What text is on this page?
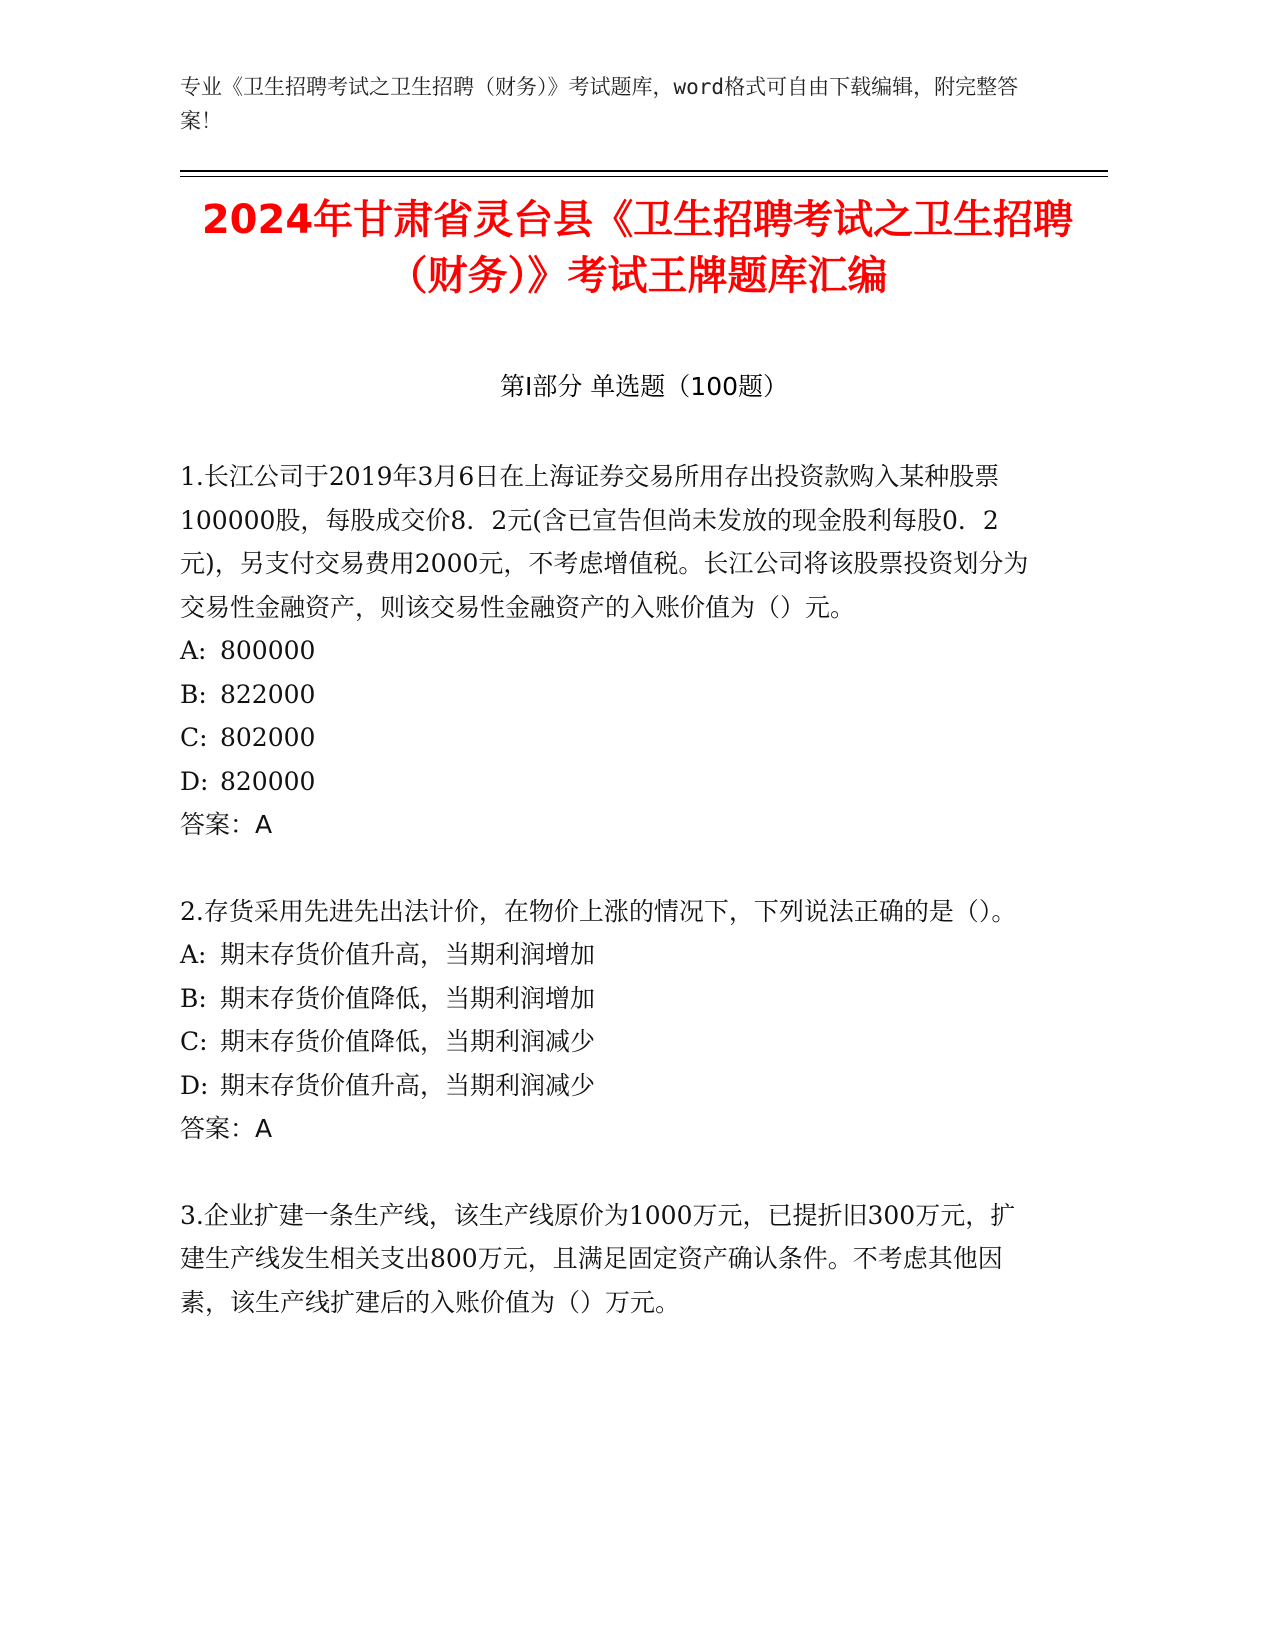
专业《卫生招聘考试之卫生招聘（财务）》考试题库，word格式可自由下载编辑，附完整答案！
2024年甘肃省灵台县《卫生招聘考试之卫生招聘（财务）》考试王牌题库汇编
第Ⅰ部分 单选题（100题）

1.长江公司于2019年3月6日在上海证券交易所用存出投资款购入某种股票100000股，每股成交价8．2元(含已宣告但尚未发放的现金股利每股0．2元)，另支付交易费用2000元，不考虑增值税。长江公司将该股票投资划分为交易性金融资产，则该交易性金融资产的入账价值为（）元。

A: 800000

B: 822000

C: 802000

D: 820000

答案：A

2.存货采用先进先出法计价，在物价上涨的情况下，下列说法正确的是（）。

A: 期末存货价值升高，当期利润增加

B: 期末存货价值降低，当期利润增加

C: 期末存货价值降低，当期利润减少

D: 期末存货价值升高，当期利润减少

答案：A

3.企业扩建一条生产线，该生产线原价为1000万元，已提折旧300万元，扩建生产线发生相关支出800万元，且满足固定资产确认条件。不考虑其他因素，该生产线扩建后的入账价值为（）万元。
